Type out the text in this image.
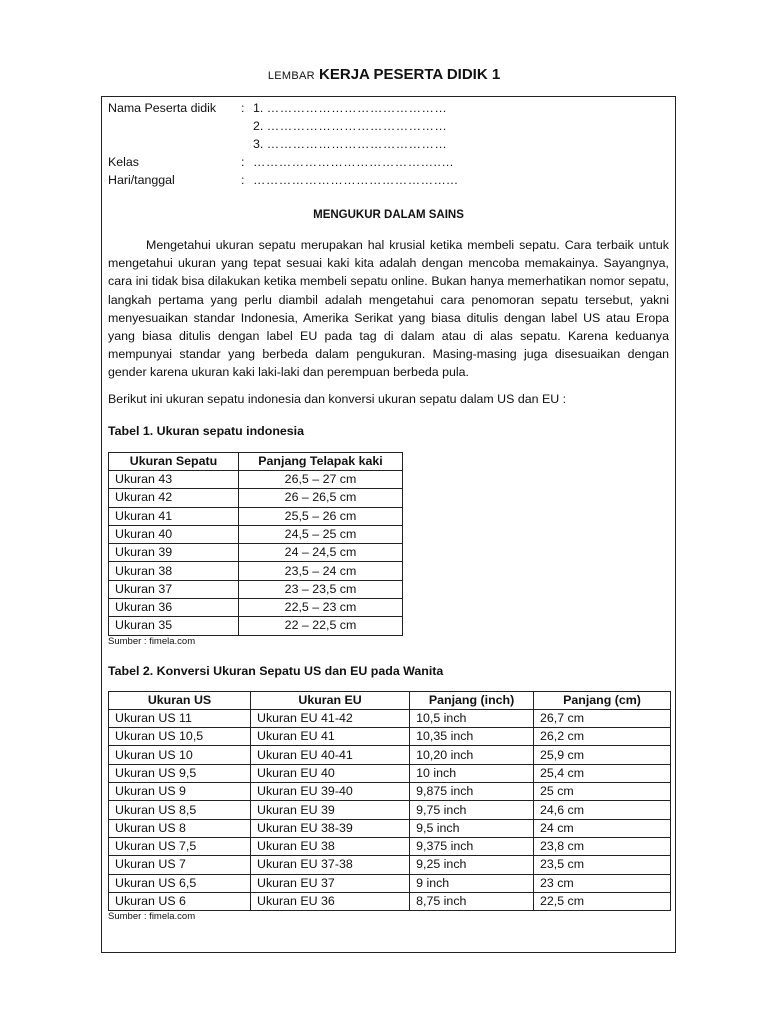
LEMBAR KERJA PESERTA DIDIK 1
Nama Peserta didik	: 1.
……………………………………
2.
……………………………………
3.
……………………………………
Kelas	: ……………………………………..…
Hari/tanggal	: ………………………………………...
MENGUKUR DALAM SAINS

Mengetahui ukuran sepatu merupakan hal krusial ketika membeli sepatu. Cara terbaik untuk mengetahui ukuran yang tepat sesuai kaki kita adalah dengan mencoba memakainya. Sayangnya, cara ini tidak bisa dilakukan ketika membeli sepatu online. Bukan hanya memerhatikan nomor sepatu, langkah pertama yang perlu diambil adalah mengetahui cara penomoran sepatu tersebut, yakni menyesuaikan standar Indonesia, Amerika Serikat yang biasa ditulis dengan label US atau Eropa yang biasa ditulis dengan label EU pada tag di dalam atau di alas sepatu. Karena keduanya mempunyai standar yang berbeda dalam pengukuran. Masing-masing juga disesuaikan dengan gender karena ukuran kaki laki-laki dan perempuan berbeda pula.

Berikut ini ukuran sepatu indonesia dan konversi ukuran sepatu dalam US dan EU :

Tabel 1. Ukuran sepatu indonesia

Ukuran Sepatu	Panjang Telapak kaki
Ukuran 43	26,5 – 27 cm
Ukuran 42	26 – 26,5 cm
Ukuran 41	25,5 – 26 cm
Ukuran 40	24,5 – 25 cm
Ukuran 39	24 – 24,5 cm
Ukuran 38	23,5 – 24 cm
Ukuran 37	23 – 23,5 cm
Ukuran 36	22,5 – 23 cm
Ukuran 35	22 – 22,5 cm
Sumber : fimela.com

Tabel 2. Konversi Ukuran Sepatu US dan EU pada Wanita

Ukuran US	Ukuran EU	Panjang (inch)	Panjang (cm)
Ukuran US 11	Ukuran EU 41-42	10,5 inch	26,7 cm
Ukuran US 10,5	Ukuran EU 41	10,35 inch	26,2 cm
Ukuran US 10	Ukuran EU 40-41	10,20 inch	25,9 cm
Ukuran US 9,5	Ukuran EU 40	10 inch	25,4 cm
Ukuran US 9	Ukuran EU 39-40	9,875 inch	25 cm
Ukuran US 8,5	Ukuran EU 39	9,75 inch	24,6 cm
Ukuran US 8	Ukuran EU 38-39	9,5 inch	24 cm
Ukuran US 7,5	Ukuran EU 38	9,375 inch	23,8 cm
Ukuran US 7	Ukuran EU 37-38	9,25 inch	23,5 cm
Ukuran US 6,5	Ukuran EU 37	9 inch	23 cm
Ukuran US 6	Ukuran EU 36	8,75 inch	22,5 cm
Sumber : fimela.com
